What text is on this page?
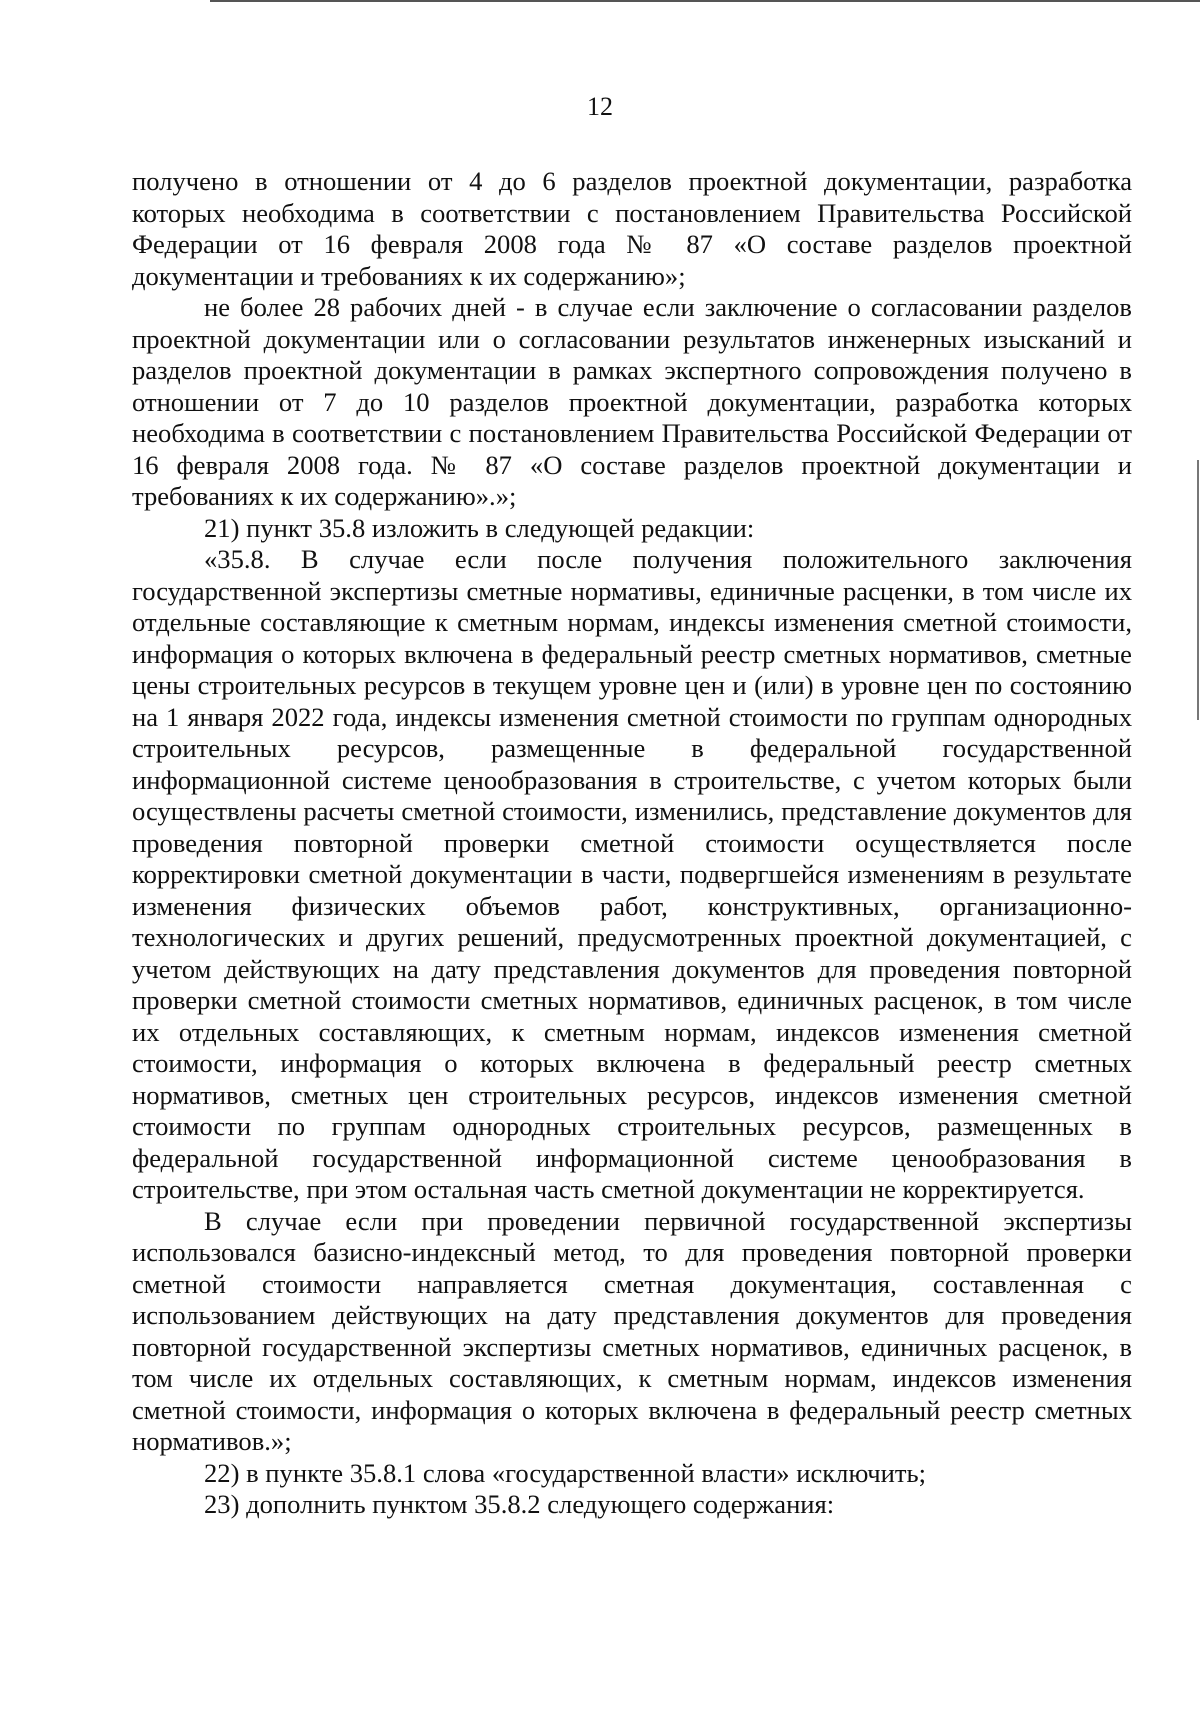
12

получено в отношении от 4 до 6 разделов проектной документации, разработка которых необходима в соответствии с постановлением Правительства Российской Федерации от 16 февраля 2008 года № 87 «О составе разделов проектной документации и требованиях к их содержанию»;

не более 28 рабочих дней - в случае если заключение о согласовании разделов проектной документации или о согласовании результатов инженерных изысканий и разделов проектной документации в рамках экспертного сопровождения получено в отношении от 7 до 10 разделов проектной документации, разработка которых необходима в соответствии с постановлением Правительства Российской Федерации от 16 февраля 2008 года. № 87 «О составе разделов проектной документации и требованиях к их содержанию».»;

21) пункт 35.8 изложить в следующей редакции:

«35.8. В случае если после получения положительного заключения государственной экспертизы сметные нормативы, единичные расценки, в том числе их отдельные составляющие к сметным нормам, индексы изменения сметной стоимости, информация о которых включена в федеральный реестр сметных нормативов, сметные цены строительных ресурсов в текущем уровне цен и (или) в уровне цен по состоянию на 1 января 2022 года, индексы изменения сметной стоимости по группам однородных строительных ресурсов, размещенные в федеральной государственной информационной системе ценообразования в строительстве, с учетом которых были осуществлены расчеты сметной стоимости, изменились, представление документов для проведения повторной проверки сметной стоимости осуществляется после корректировки сметной документации в части, подвергшейся изменениям в результате изменения физических объемов работ, конструктивных, организационно-технологических и других решений, предусмотренных проектной документацией, с учетом действующих на дату представления документов для проведения повторной проверки сметной стоимости сметных нормативов, единичных расценок, в том числе их отдельных составляющих, к сметным нормам, индексов изменения сметной стоимости, информация о которых включена в федеральный реестр сметных нормативов, сметных цен строительных ресурсов, индексов изменения сметной стоимости по группам однородных строительных ресурсов, размещенных в федеральной государственной информационной системе ценообразования в строительстве, при этом остальная часть сметной документации не корректируется.

В случае если при проведении первичной государственной экспертизы использовался базисно-индексный метод, то для проведения повторной проверки сметной стоимости направляется сметная документация, составленная с использованием действующих на дату представления документов для проведения повторной государственной экспертизы сметных нормативов, единичных расценок, в том числе их отдельных составляющих, к сметным нормам, индексов изменения сметной стоимости, информация о которых включена в федеральный реестр сметных нормативов.»;

22) в пункте 35.8.1 слова «государственной власти» исключить;

23) дополнить пунктом 35.8.2 следующего содержания:
